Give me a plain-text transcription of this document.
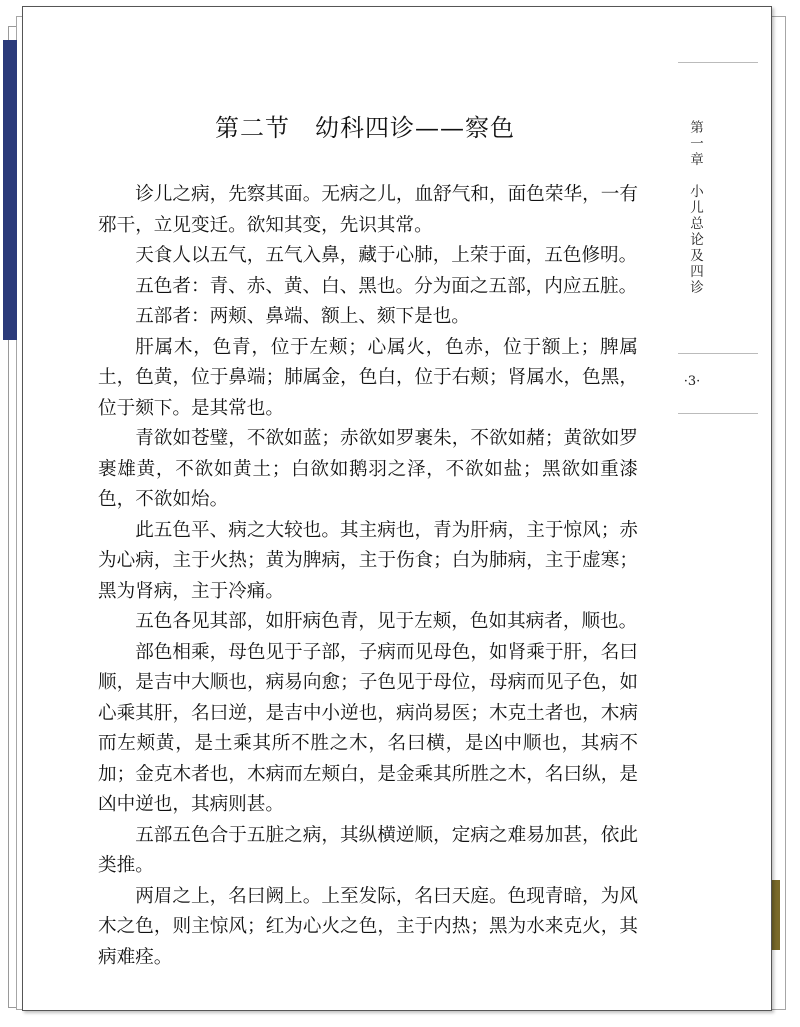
第二节　幼科四诊——察色

诊儿之病，先察其面。无病之儿，血舒气和，面色荣华，一有邪干，立见变迁。欲知其变，先识其常。

天食人以五气，五气入鼻，藏于心肺，上荣于面，五色修明。

五色者：青、赤、黄、白、黑也。分为面之五部，内应五脏。

五部者：两颊、鼻端、额上、颏下是也。

肝属木，色青，位于左颊；心属火，色赤，位于额上；脾属土，色黄，位于鼻端；肺属金，色白，位于右颊；肾属水，色黑，位于颏下。是其常也。

青欲如苍璧，不欲如蓝；赤欲如罗裹朱，不欲如赭；黄欲如罗裹雄黄，不欲如黄土；白欲如鹅羽之泽，不欲如盐；黑欲如重漆色，不欲如炲。

此五色平、病之大较也。其主病也，青为肝病，主于惊风；赤为心病，主于火热；黄为脾病，主于伤食；白为肺病，主于虚寒；黑为肾病，主于冷痛。

五色各见其部，如肝病色青，见于左颊，色如其病者，顺也。

部色相乘，母色见于子部，子病而见母色，如肾乘于肝，名曰顺，是吉中大顺也，病易向愈；子色见于母位，母病而见子色，如心乘其肝，名曰逆，是吉中小逆也，病尚易医；木克土者也，木病而左颊黄，是土乘其所不胜之木，名曰横，是凶中顺也，其病不加；金克木者也，木病而左颊白，是金乘其所胜之木，名曰纵，是凶中逆也，其病则甚。

五部五色合于五脏之病，其纵横逆顺，定病之难易加甚，依此类推。

两眉之上，名曰阙上。上至发际，名曰天庭。色现青暗，为风木之色，则主惊风；红为心火之色，主于内热；黑为水来克火，其病难痊。

第一章　小儿总论及四诊
·3·
